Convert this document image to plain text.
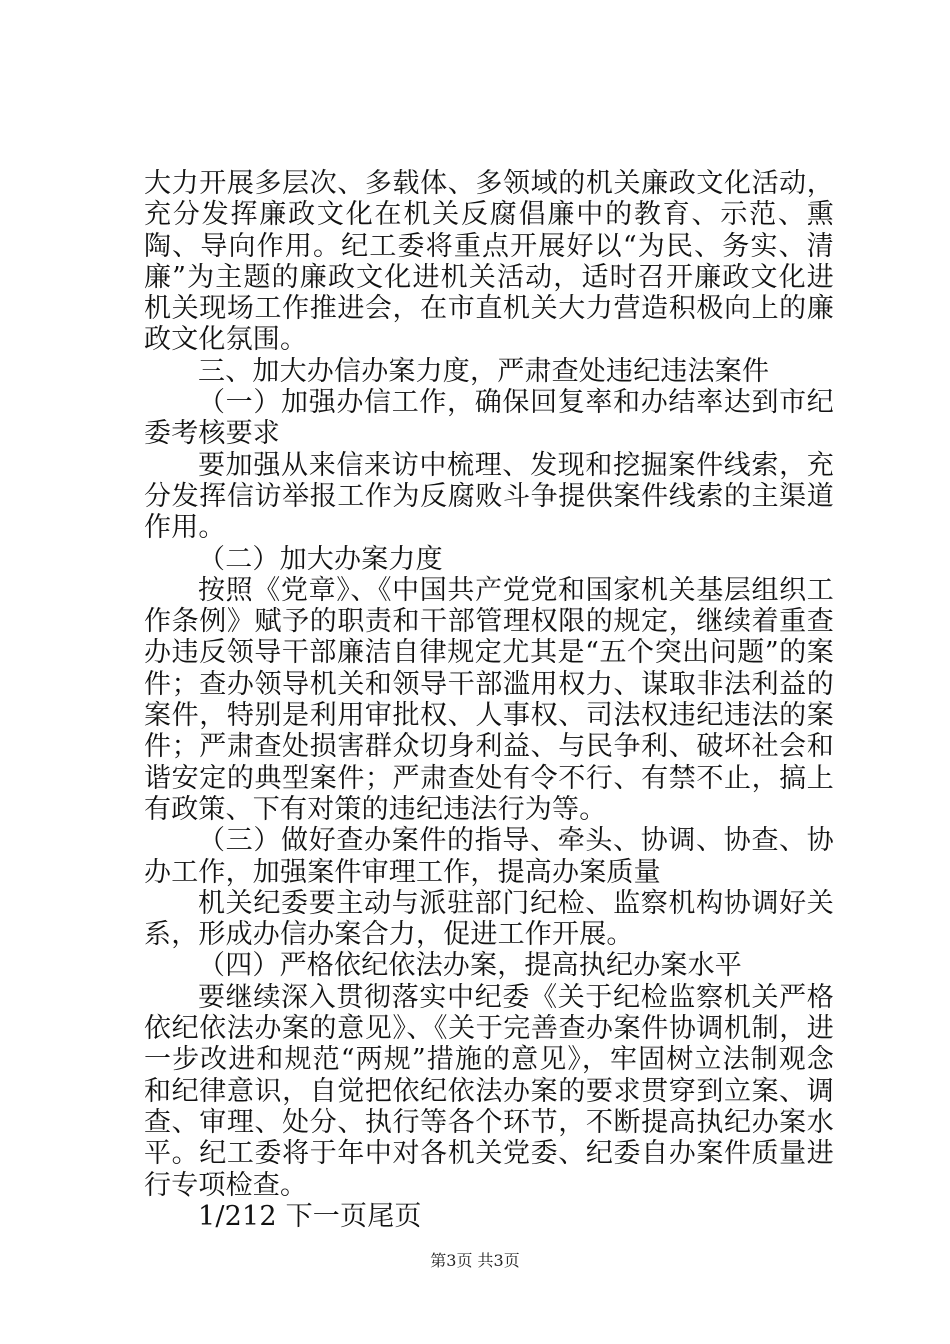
大力开展多层次、多载体、多领域的机关廉政文化活动，充分发挥廉政文化在机关反腐倡廉中的教育、示范、熏陶、导向作用。纪工委将重点开展好以“为民、务实、清廉”为主题的廉政文化进机关活动，适时召开廉政文化进机关现场工作推进会，在市直机关大力营造积极向上的廉政文化氛围。

三、加大办信办案力度，严肃查处违纪违法案件

（一）加强办信工作，确保回复率和办结率达到市纪委考核要求

要加强从来信来访中梳理、发现和挖掘案件线索，充分发挥信访举报工作为反腐败斗争提供案件线索的主渠道作用。

（二）加大办案力度

按照《党章》、《中国共产党党和国家机关基层组织工作条例》赋予的职责和干部管理权限的规定，继续着重查办违反领导干部廉洁自律规定尤其是“五个突出问题”的案件；查办领导机关和领导干部滥用权力、谋取非法利益的案件，特别是利用审批权、人事权、司法权违纪违法的案件；严肃查处损害群众切身利益、与民争利、破坏社会和谐安定的典型案件；严肃查处有令不行、有禁不止，搞上有政策、下有对策的违纪违法行为等。

（三）做好查办案件的指导、牵头、协调、协查、协办工作，加强案件审理工作，提高办案质量

机关纪委要主动与派驻部门纪检、监察机构协调好关系，形成办信办案合力，促进工作开展。

（四）严格依纪依法办案，提高执纪办案水平

要继续深入贯彻落实中纪委《关于纪检监察机关严格依纪依法办案的意见》、《关于完善查办案件协调机制，进一步改进和规范“两规”措施的意见》，牢固树立法制观念和纪律意识，自觉把依纪依法办案的要求贯穿到立案、调查、审理、处分、执行等各个环节，不断提高执纪办案水平。纪工委将于年中对各机关党委、纪委自办案件质量进行专项检查。

1/212 下一页尾页

第3页 共3页
